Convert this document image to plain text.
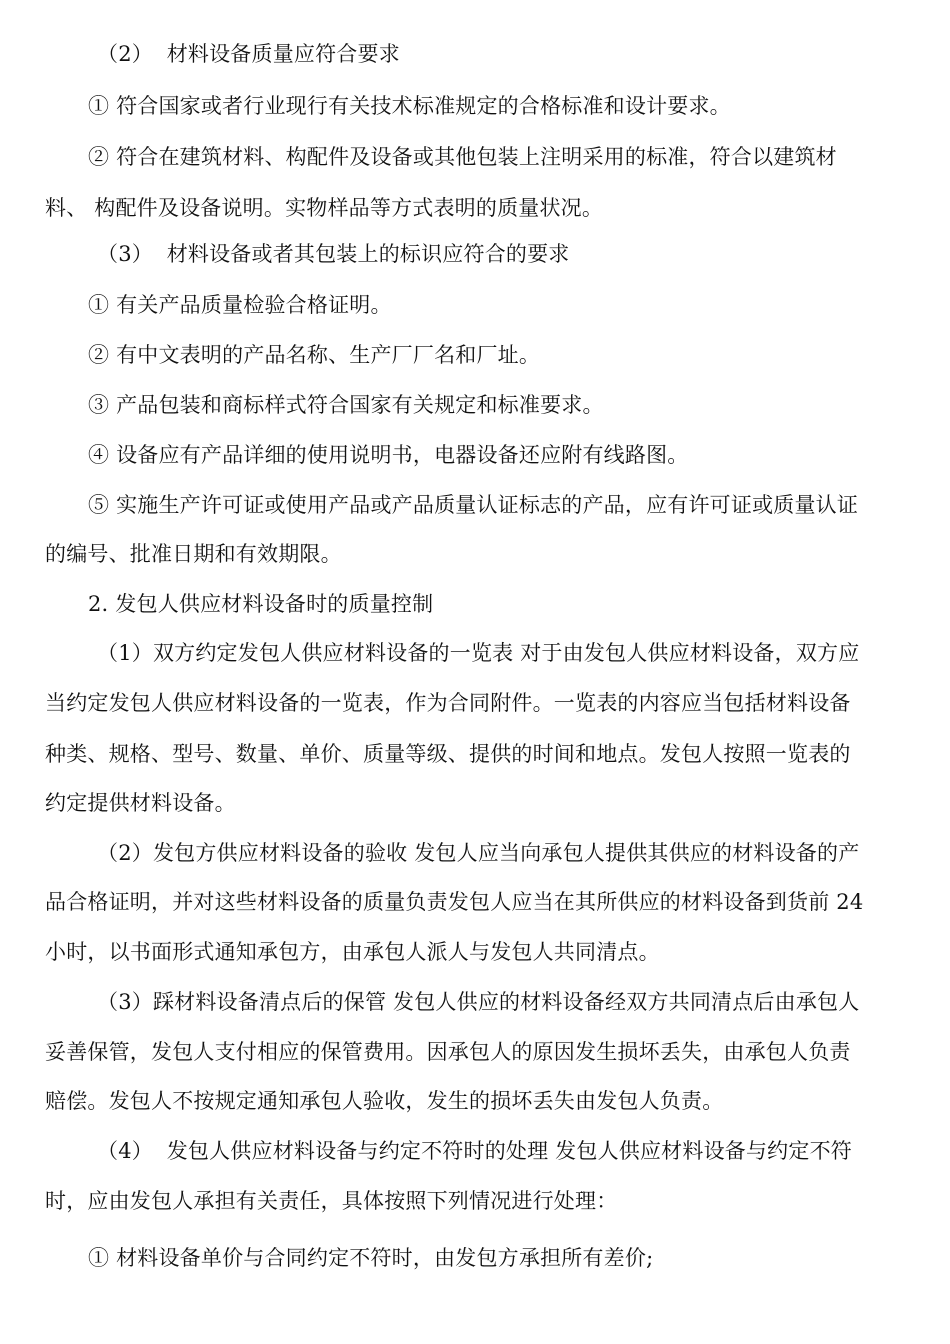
（2）  材料设备质量应符合要求
① 符合国家或者行业现行有关技术标准规定的合格标准和设计要求。
② 符合在建筑材料、构配件及设备或其他包装上注明采用的标准，符合以建筑材
料、 构配件及设备说明。实物样品等方式表明的质量状况。
（3）  材料设备或者其包装上的标识应符合的要求
① 有关产品质量检验合格证明。
② 有中文表明的产品名称、生产厂厂名和厂址。
③ 产品包装和商标样式符合国家有关规定和标准要求。
④ 设备应有产品详细的使用说明书，电器设备还应附有线路图。
⑤ 实施生产许可证或使用产品或产品质量认证标志的产品，应有许可证或质量认证
的编号、批准日期和有效期限。
2. 发包人供应材料设备时的质量控制
（1）双方约定发包人供应材料设备的一览表 对于由发包人供应材料设备，双方应
当约定发包人供应材料设备的一览表，作为合同附件。一览表的内容应当包括材料设备
种类、规格、型号、数量、单价、质量等级、提供的时间和地点。发包人按照一览表的
约定提供材料设备。
（2）发包方供应材料设备的验收 发包人应当向承包人提供其供应的材料设备的产
品合格证明，并对这些材料设备的质量负责发包人应当在其所供应的材料设备到货前 24
小时，以书面形式通知承包方，由承包人派人与发包人共同清点。
（3）踩材料设备清点后的保管 发包人供应的材料设备经双方共同清点后由承包人
妥善保管，发包人支付相应的保管费用。因承包人的原因发生损坏丢失，由承包人负责
赔偿。发包人不按规定通知承包人验收，发生的损坏丢失由发包人负责。
（4）  发包人供应材料设备与约定不符时的处理 发包人供应材料设备与约定不符
时，应由发包人承担有关责任，具体按照下列情况进行处理：
① 材料设备单价与合同约定不符时，由发包方承担所有差价;
